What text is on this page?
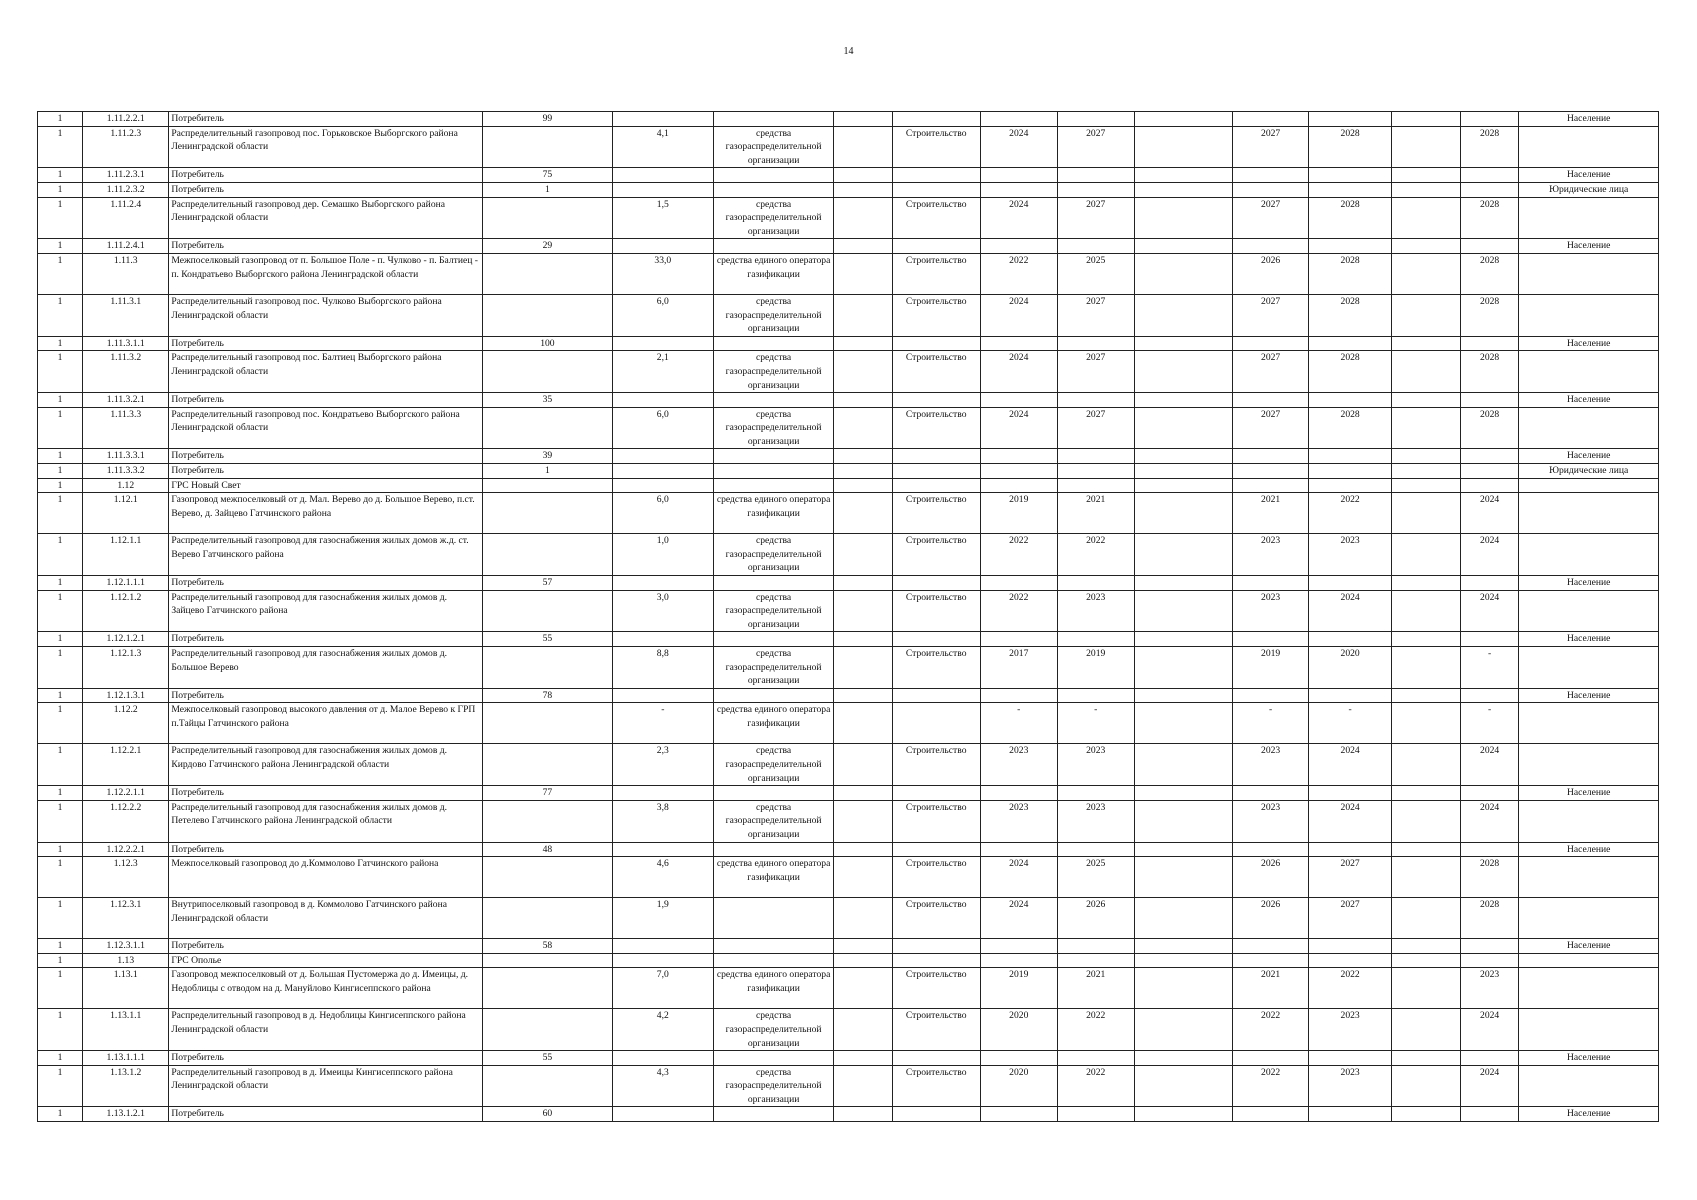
14
1	1.11.2.2.1	Потребитель	99												Население
1	1.11.2.3	Распределительный газопровод пос. Горьковское Выборгского района Ленинградской области		4,1	средства газораспределительной организации		Строительство	2024	2027		2027	2028		2028	
1	1.11.2.3.1	Потребитель	75												Население
1	1.11.2.3.2	Потребитель	1												Юридические лица
1	1.11.2.4	Распределительный газопровод дер. Семашко Выборгского района Ленинградской области		1,5	средства газораспределительной организации		Строительство	2024	2027		2027	2028		2028	
1	1.11.2.4.1	Потребитель	29												Население
1	1.11.3	Межпоселковый газопровод от п. Большое Поле - п. Чулково - п. Балтиец - п. Кондратьево Выборгского района Ленинградской области		33,0	средства единого оператора газификации		Строительство	2022	2025		2026	2028		2028	
1	1.11.3.1	Распределительный газопровод пос. Чулково Выборгского района Ленинградской области		6,0	средства газораспределительной организации		Строительство	2024	2027		2027	2028		2028	
1	1.11.3.1.1	Потребитель	100												Население
1	1.11.3.2	Распределительный газопровод пос. Балтиец Выборгского района Ленинградской области		2,1	средства газораспределительной организации		Строительство	2024	2027		2027	2028		2028	
1	1.11.3.2.1	Потребитель	35												Население
1	1.11.3.3	Распределительный газопровод пос. Кондратьево Выборгского района Ленинградской области		6,0	средства газораспределительной организации		Строительство	2024	2027		2027	2028		2028	
1	1.11.3.3.1	Потребитель	39												Население
1	1.11.3.3.2	Потребитель	1												Юридические лица
1	1.12	ГРС Новый Свет													
1	1.12.1	Газопровод межпоселковый от д. Мал. Верево до д. Большое Верево, п.ст. Верево, д. Зайцево Гатчинского района		6,0	средства единого оператора газификации		Строительство	2019	2021		2021	2022		2024	
1	1.12.1.1	Распределительный газопровод для газоснабжения жилых домов ж.д. ст. Верево Гатчинского района		1,0	средства газораспределительной организации		Строительство	2022	2022		2023	2023		2024	
1	1.12.1.1.1	Потребитель	57												Население
1	1.12.1.2	Распределительный газопровод для газоснабжения жилых домов д. Зайцево Гатчинского района		3,0	средства газораспределительной организации		Строительство	2022	2023		2023	2024		2024	
1	1.12.1.2.1	Потребитель	55												Население
1	1.12.1.3	Распределительный газопровод для газоснабжения жилых домов д. Большое Верево		8,8	средства газораспределительной организации		Строительство	2017	2019		2019	2020		-	
1	1.12.1.3.1	Потребитель	78												Население
1	1.12.2	Межпоселковый газопровод высокого давления от д. Малое Верево к ГРП п.Тайцы Гатчинского района		-	средства единого оператора газификации			-	-		-	-		-	
1	1.12.2.1	Распределительный газопровод для газоснабжения жилых домов д. Кирдово Гатчинского района Ленинградской области		2,3	средства газораспределительной организации		Строительство	2023	2023		2023	2024		2024	
1	1.12.2.1.1	Потребитель	77												Население
1	1.12.2.2	Распределительный газопровод для газоснабжения жилых домов д. Петелево Гатчинского района Ленинградской области		3,8	средства газораспределительной организации		Строительство	2023	2023		2023	2024		2024	
1	1.12.2.2.1	Потребитель	48												Население
1	1.12.3	Межпоселковый газопровод до д.Коммолово Гатчинского района		4,6	средства единого оператора газификации		Строительство	2024	2025		2026	2027		2028	
1	1.12.3.1	Внутрипоселковый газопровод в д. Коммолово Гатчинского района Ленинградской области		1,9			Строительство	2024	2026		2026	2027		2028	
1	1.12.3.1.1	Потребитель	58												Население
1	1.13	ГРС Ополье													
1	1.13.1	Газопровод межпоселковый от д. Большая Пустомержа до д. Имеицы, д. Недоблицы с отводом на д. Мануйлово Кингисеппского района		7,0	средства единого оператора газификации		Строительство	2019	2021		2021	2022		2023	
1	1.13.1.1	Распределительный газопровод в д. Недоблицы Кингисеппского района Ленинградской области		4,2	средства газораспределительной организации		Строительство	2020	2022		2022	2023		2024	
1	1.13.1.1.1	Потребитель	55												Население
1	1.13.1.2	Распределительный газопровод в д. Имеицы Кингисеппского района Ленинградской области		4,3	средства газораспределительной организации		Строительство	2020	2022		2022	2023		2024	
1	1.13.1.2.1	Потребитель	60												Население
